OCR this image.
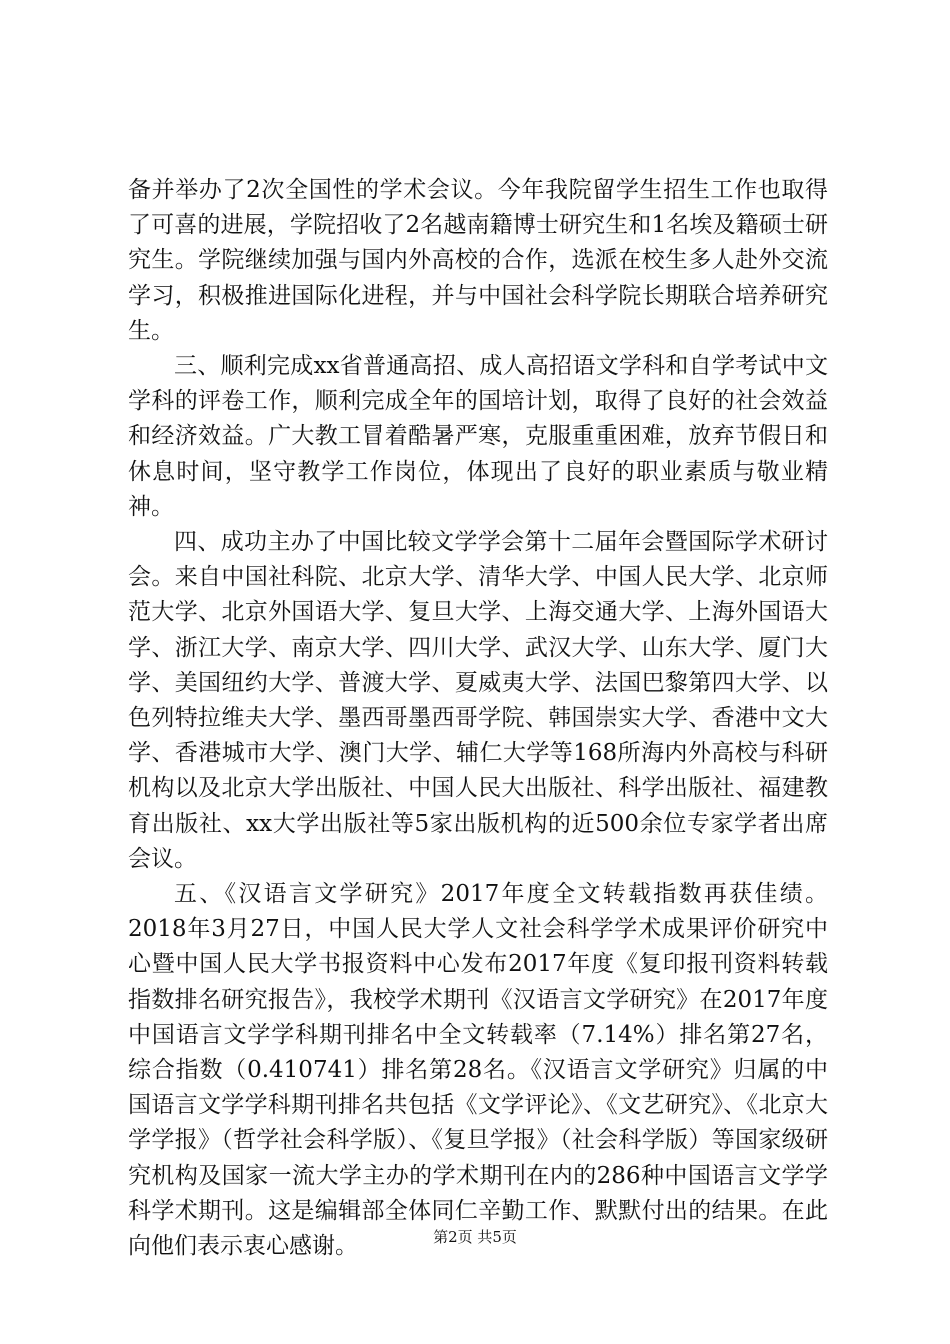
备并举办了2次全国性的学术会议。今年我院留学生招生工作也取得了可喜的进展，学院招收了2名越南籍博士研究生和1名埃及籍硕士研究生。学院继续加强与国内外高校的合作，选派在校生多人赴外交流学习，积极推进国际化进程，并与中国社会科学院长期联合培养研究生。

三、顺利完成xx省普通高招、成人高招语文学科和自学考试中文学科的评卷工作，顺利完成全年的国培计划，取得了良好的社会效益和经济效益。广大教工冒着酷暑严寒，克服重重困难，放弃节假日和休息时间，坚守教学工作岗位，体现出了良好的职业素质与敬业精神。

四、成功主办了中国比较文学学会第十二届年会暨国际学术研讨会。来自中国社科院、北京大学、清华大学、中国人民大学、北京师范大学、北京外国语大学、复旦大学、上海交通大学、上海外国语大学、浙江大学、南京大学、四川大学、武汉大学、山东大学、厦门大学、美国纽约大学、普渡大学、夏威夷大学、法国巴黎第四大学、以色列特拉维夫大学、墨西哥墨西哥学院、韩国崇实大学、香港中文大学、香港城市大学、澳门大学、辅仁大学等168所海内外高校与科研机构以及北京大学出版社、中国人民大出版社、科学出版社、福建教育出版社、xx大学出版社等5家出版机构的近500余位专家学者出席会议。

五、《汉语言文学研究》2017年度全文转载指数再获佳绩。2018年3月27日，中国人民大学人文社会科学学术成果评价研究中心暨中国人民大学书报资料中心发布2017年度《复印报刊资料转载指数排名研究报告》，我校学术期刊《汉语言文学研究》在2017年度中国语言文学学科期刊排名中全文转载率（7.14%）排名第27名，综合指数（0.410741）排名第28名。《汉语言文学研究》归属的中国语言文学学科期刊排名共包括《文学评论》、《文艺研究》、《北京大学学报》（哲学社会科学版）、《复旦学报》（社会科学版）等国家级研究机构及国家一流大学主办的学术期刊在内的286种中国语言文学学科学术期刊。这是编辑部全体同仁辛勤工作、默默付出的结果。在此向他们表示衷心感谢。	第2页 共5页
